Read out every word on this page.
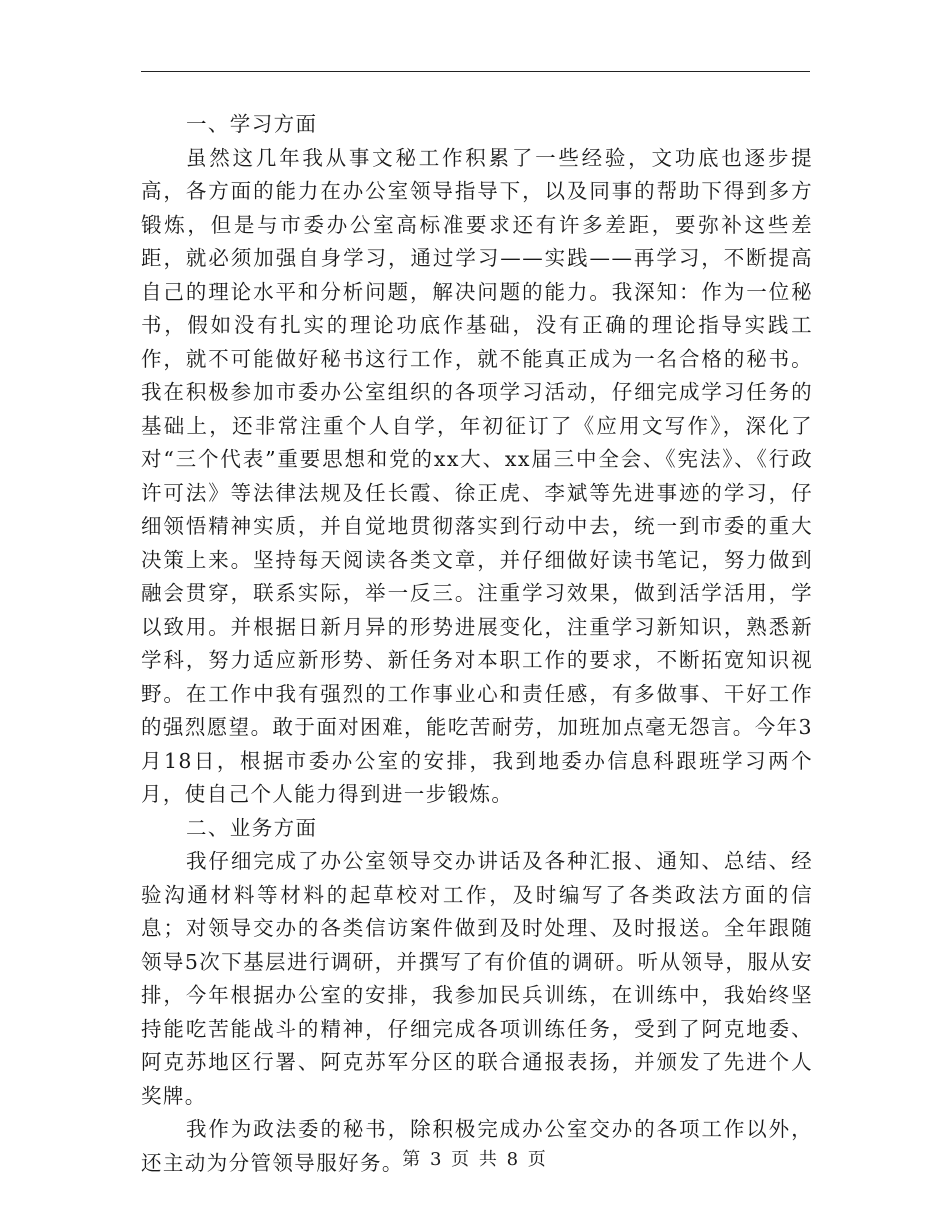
一、学习方面

虽然这几年我从事文秘工作积累了一些经验，文功底也逐步提高，各方面的能力在办公室领导指导下，以及同事的帮助下得到多方锻炼，但是与市委办公室高标准要求还有许多差距，要弥补这些差距，就必须加强自身学习，通过学习——实践——再学习，不断提高自己的理论水平和分析问题，解决问题的能力。我深知：作为一位秘书，假如没有扎实的理论功底作基础，没有正确的理论指导实践工作，就不可能做好秘书这行工作，就不能真正成为一名合格的秘书。我在积极参加市委办公室组织的各项学习活动，仔细完成学习任务的基础上，还非常注重个人自学，年初征订了《应用文写作》，深化了对“三个代表”重要思想和党的xx大、xx届三中全会、《宪法》、《行政许可法》等法律法规及任长霞、徐正虎、李斌等先进事迹的学习，仔细领悟精神实质，并自觉地贯彻落实到行动中去，统一到市委的重大决策上来。坚持每天阅读各类文章，并仔细做好读书笔记，努力做到融会贯穿，联系实际，举一反三。注重学习效果，做到活学活用，学以致用。并根据日新月异的形势进展变化，注重学习新知识，熟悉新学科，努力适应新形势、新任务对本职工作的要求，不断拓宽知识视野。在工作中我有强烈的工作事业心和责任感，有多做事、干好工作的强烈愿望。敢于面对困难，能吃苦耐劳，加班加点毫无怨言。今年3月18日，根据市委办公室的安排，我到地委办信息科跟班学习两个月，使自己个人能力得到进一步锻炼。

二、业务方面

我仔细完成了办公室领导交办讲话及各种汇报、通知、总结、经验沟通材料等材料的起草校对工作，及时编写了各类政法方面的信息；对领导交办的各类信访案件做到及时处理、及时报送。全年跟随领导5次下基层进行调研，并撰写了有价值的调研。听从领导，服从安排，今年根据办公室的安排，我参加民兵训练，在训练中，我始终坚持能吃苦能战斗的精神，仔细完成各项训练任务，受到了阿克地委、阿克苏地区行署、阿克苏军分区的联合通报表扬，并颁发了先进个人奖牌。

我作为政法委的秘书，除积极完成办公室交办的各项工作以外，还主动为分管领导服好务。

第 3 页 共 8 页
